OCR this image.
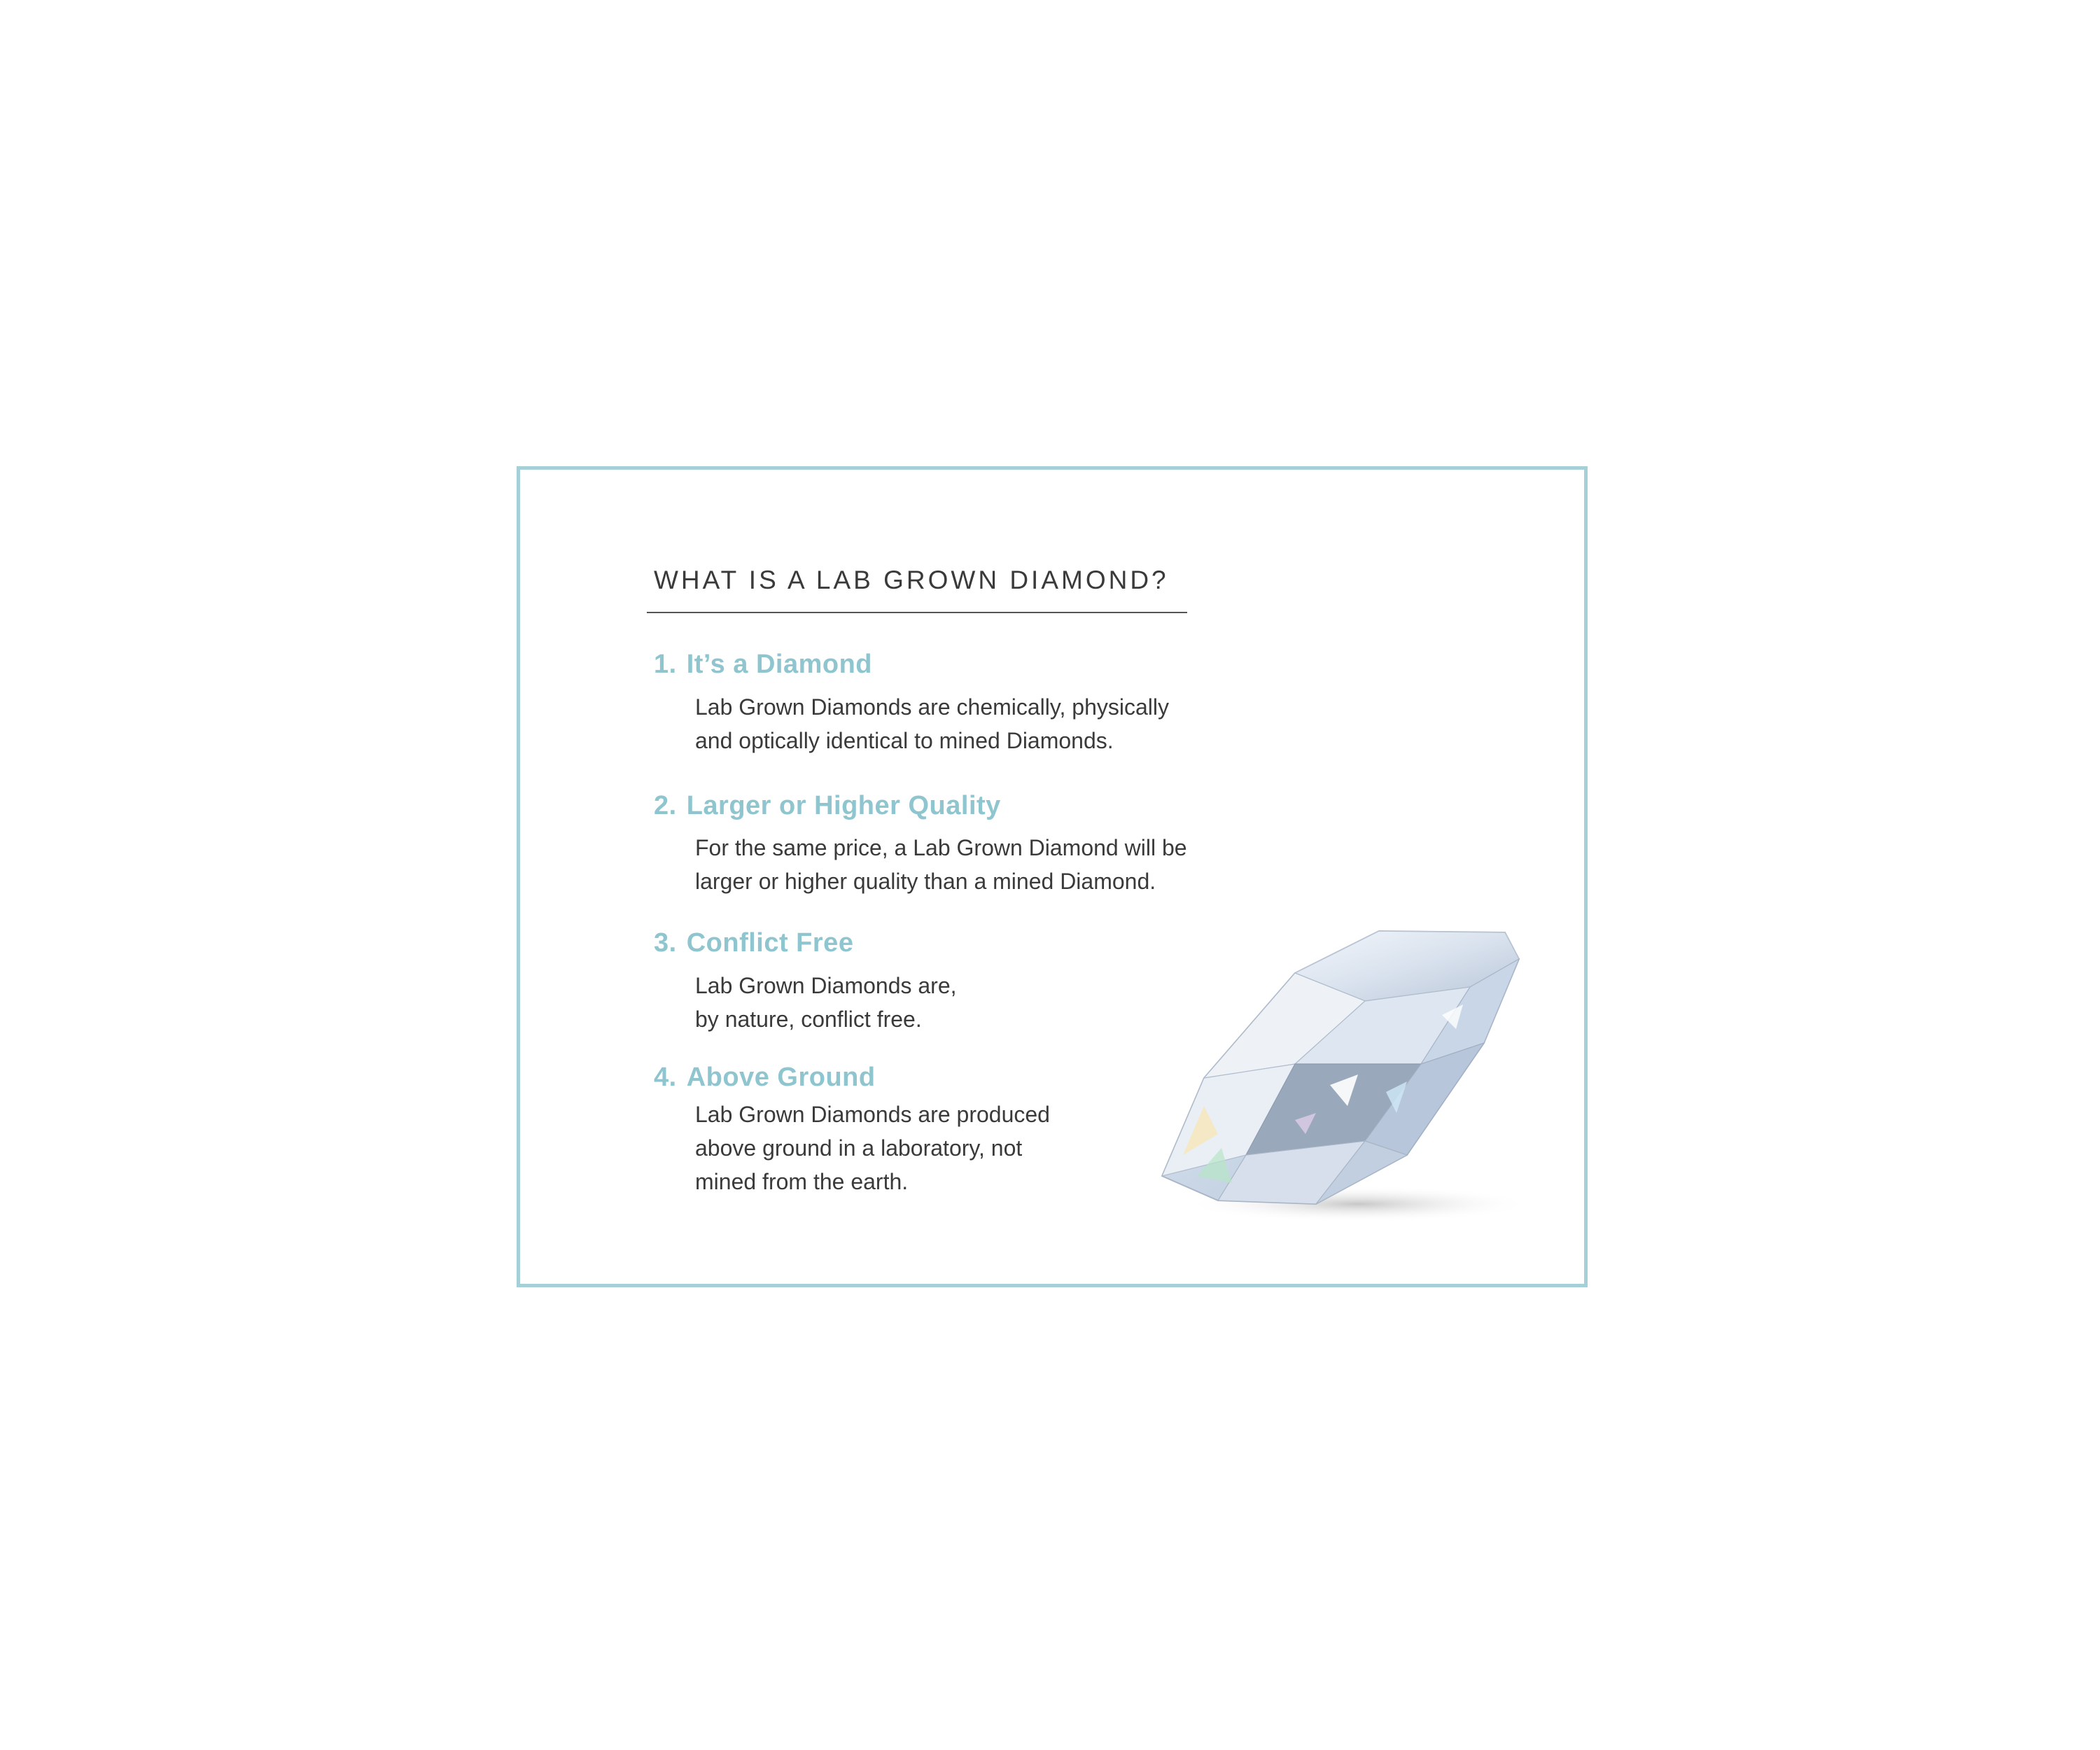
WHAT IS A LAB GROWN DIAMOND?
1. It’s a Diamond
Lab Grown Diamonds are chemically, physically
and optically identical to mined Diamonds.
2. Larger or Higher Quality
For the same price, a Lab Grown Diamond will be
larger or higher quality than a mined Diamond.
3. Conflict Free
Lab Grown Diamonds are,
by nature, conflict free.
4. Above Ground
Lab Grown Diamonds are produced
above ground in a laboratory, not
mined from the earth.
